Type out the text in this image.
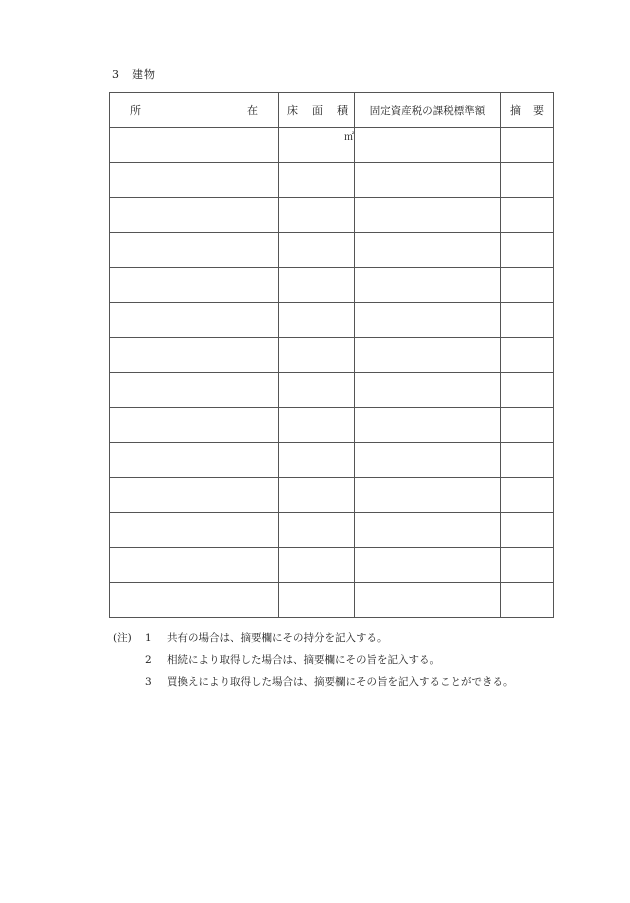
3 建物
所 在	床 面 積	固定資産税の課税標準額	摘 要

	㎡		

(注) 1 共有の場合は、摘要欄にその持分を記入する。
2 相続により取得した場合は、摘要欄にその旨を記入する。
3 買換えにより取得した場合は、摘要欄にその旨を記入することができる。
